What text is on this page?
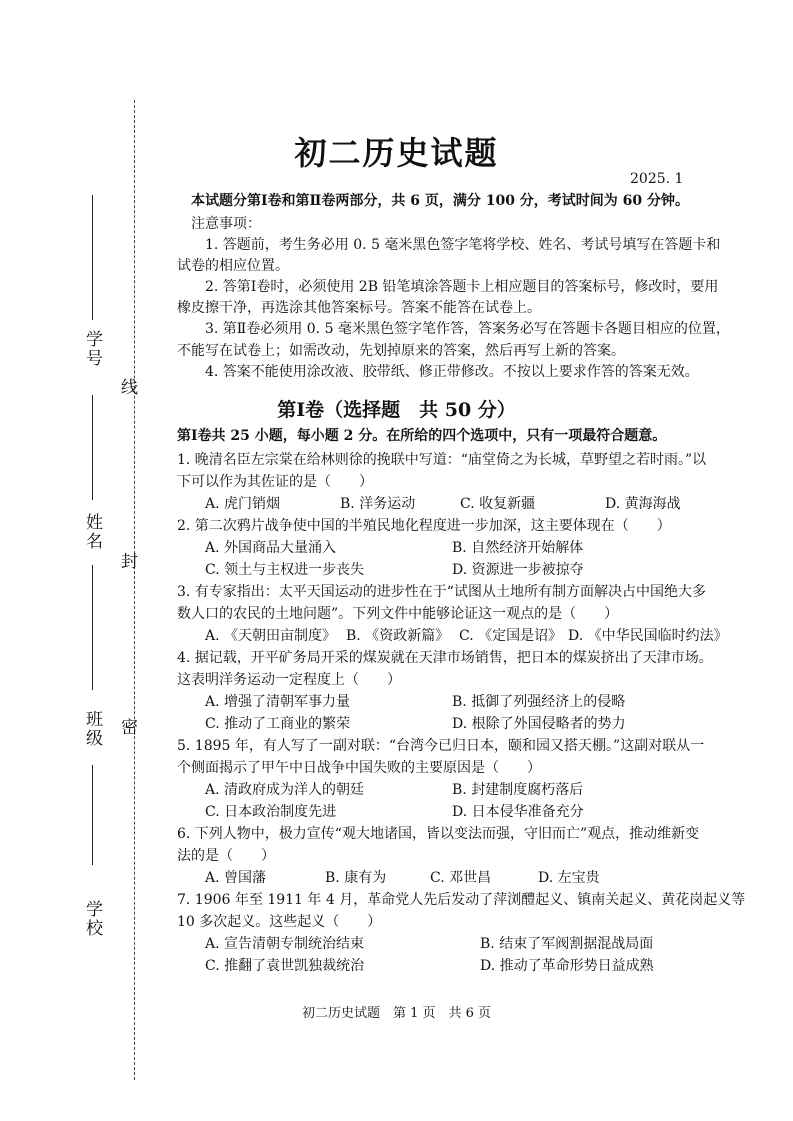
学号
姓名
班级
学校
线
封
密
初二历史试题
2025. 1
本试题分第Ⅰ卷和第Ⅱ卷两部分，共 6 页，满分 100 分，考试时间为 60 分钟。
注意事项：
1. 答题前，考生务必用 0. 5 毫米黑色签字笔将学校、姓名、考试号填写在答题卡和
试卷的相应位置。
2. 答第Ⅰ卷时，必须使用 2B 铅笔填涂答题卡上相应题目的答案标号，修改时，要用
橡皮擦干净，再选涂其他答案标号。答案不能答在试卷上。
3. 第Ⅱ卷必须用 0. 5 毫米黑色签字笔作答，答案务必写在答题卡各题目相应的位置，
不能写在试卷上；如需改动，先划掉原来的答案，然后再写上新的答案。
4. 答案不能使用涂改液、胶带纸、修正带修改。不按以上要求作答的答案无效。
第Ⅰ卷（选择题　共 50 分）
第Ⅰ卷共 25 小题，每小题 2 分。在所给的四个选项中，只有一项最符合题意。
1. 晚清名臣左宗棠在给林则徐的挽联中写道：“庙堂倚之为长城，草野望之若时雨。”以
下可以作为其佐证的是（　　）
A. 虎门销烟	B. 洋务运动	C. 收复新疆	D. 黄海海战
2. 第二次鸦片战争使中国的半殖民地化程度进一步加深，这主要体现在（　　）
A. 外国商品大量涌入	B. 自然经济开始解体
C. 领土与主权进一步丧失	D. 资源进一步被掠夺
3. 有专家指出：太平天国运动的进步性在于“试图从土地所有制方面解决占中国绝大多
数人口的农民的土地问题”。下列文件中能够论证这一观点的是（　　）
A. 《天朝田亩制度》 B. 《资政新篇》 C. 《定国是诏》 D. 《中华民国临时约法》
4. 据记载，开平矿务局开采的煤炭就在天津市场销售，把日本的煤炭挤出了天津市场。
这表明洋务运动一定程度上（　　）
A. 增强了清朝军事力量	B. 抵御了列强经济上的侵略
C. 推动了工商业的繁荣	D. 根除了外国侵略者的势力
5. 1895 年，有人写了一副对联：“台湾今已归日本，颐和园又搭天棚。”这副对联从一
个侧面揭示了甲午中日战争中国失败的主要原因是（　　）
A. 清政府成为洋人的朝廷	B. 封建制度腐朽落后
C. 日本政治制度先进	D. 日本侵华准备充分
6. 下列人物中，极力宣传“观大地诸国，皆以变法而强，守旧而亡”观点，推动维新变
法的是（　　）
A. 曾国藩	B. 康有为	C. 邓世昌	D. 左宝贵
7. 1906 年至 1911 年 4 月，革命党人先后发动了萍浏醴起义、镇南关起义、黄花岗起义等
10 多次起义。这些起义（　　）
A. 宣告清朝专制统治结束	B. 结束了军阀割据混战局面
C. 推翻了袁世凯独裁统治	D. 推动了革命形势日益成熟
初二历史试题　第 1 页　共 6 页
